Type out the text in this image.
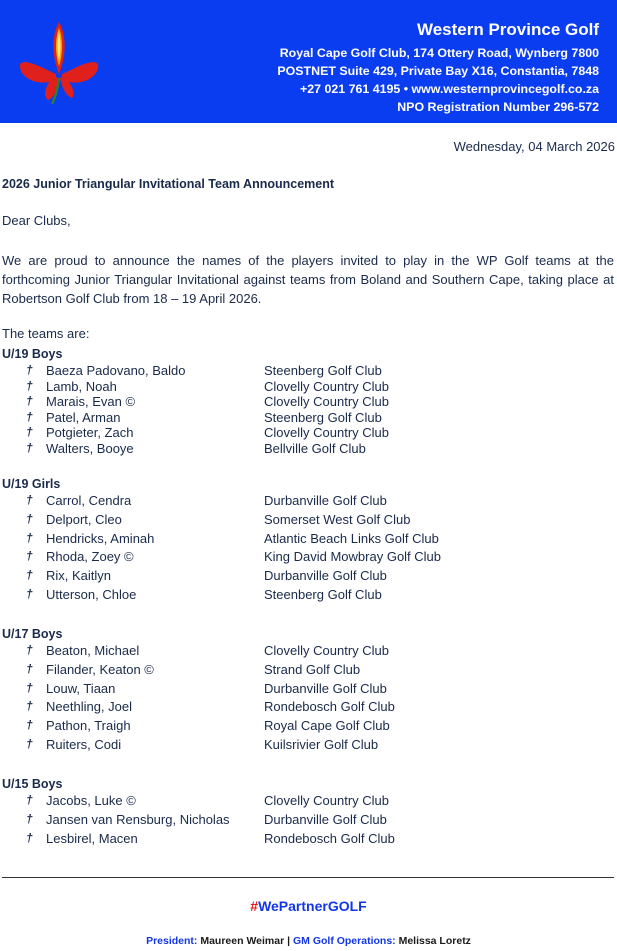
Western Province Golf
Royal Cape Golf Club, 174 Ottery Road, Wynberg 7800
POSTNET Suite 429, Private Bay X16, Constantia, 7848
+27 021 761 4195 • www.westernprovincegolf.co.za
NPO Registration Number 296-572
Wednesday, 04 March 2026
2026 Junior Triangular Invitational Team Announcement
Dear Clubs,
We are proud to announce the names of the players invited to play in the WP Golf teams at the forthcoming Junior Triangular Invitational against teams from Boland and Southern Cape, taking place at Robertson Golf Club from 18 – 19 April 2026.
The teams are:
U/19 Boys
† Baeza Padovano, Baldo	Steenberg Golf Club
† Lamb, Noah	Clovelly Country Club
† Marais, Evan ©	Clovelly Country Club
† Patel, Arman	Steenberg Golf Club
† Potgieter, Zach	Clovelly Country Club
† Walters, Booye	Bellville Golf Club
U/19 Girls
† Carrol, Cendra	Durbanville Golf Club
† Delport, Cleo	Somerset West Golf Club
† Hendricks, Aminah	Atlantic Beach Links Golf Club
† Rhoda, Zoey ©	King David Mowbray Golf Club
† Rix, Kaitlyn	Durbanville Golf Club
† Utterson, Chloe	Steenberg Golf Club
U/17 Boys
† Beaton, Michael	Clovelly Country Club
† Filander, Keaton ©	Strand Golf Club
† Louw, Tiaan	Durbanville Golf Club
† Neethling, Joel	Rondebosch Golf Club
† Pathon, Traigh	Royal Cape Golf Club
† Ruiters, Codi	Kuilsrivier Golf Club
U/15 Boys
† Jacobs, Luke ©	Clovelly Country Club
† Jansen van Rensburg, Nicholas	Durbanville Golf Club
† Lesbirel, Macen	Rondebosch Golf Club
#WePartnerGOLF
President: Maureen Weimar | GM Golf Operations: Melissa Loretz
